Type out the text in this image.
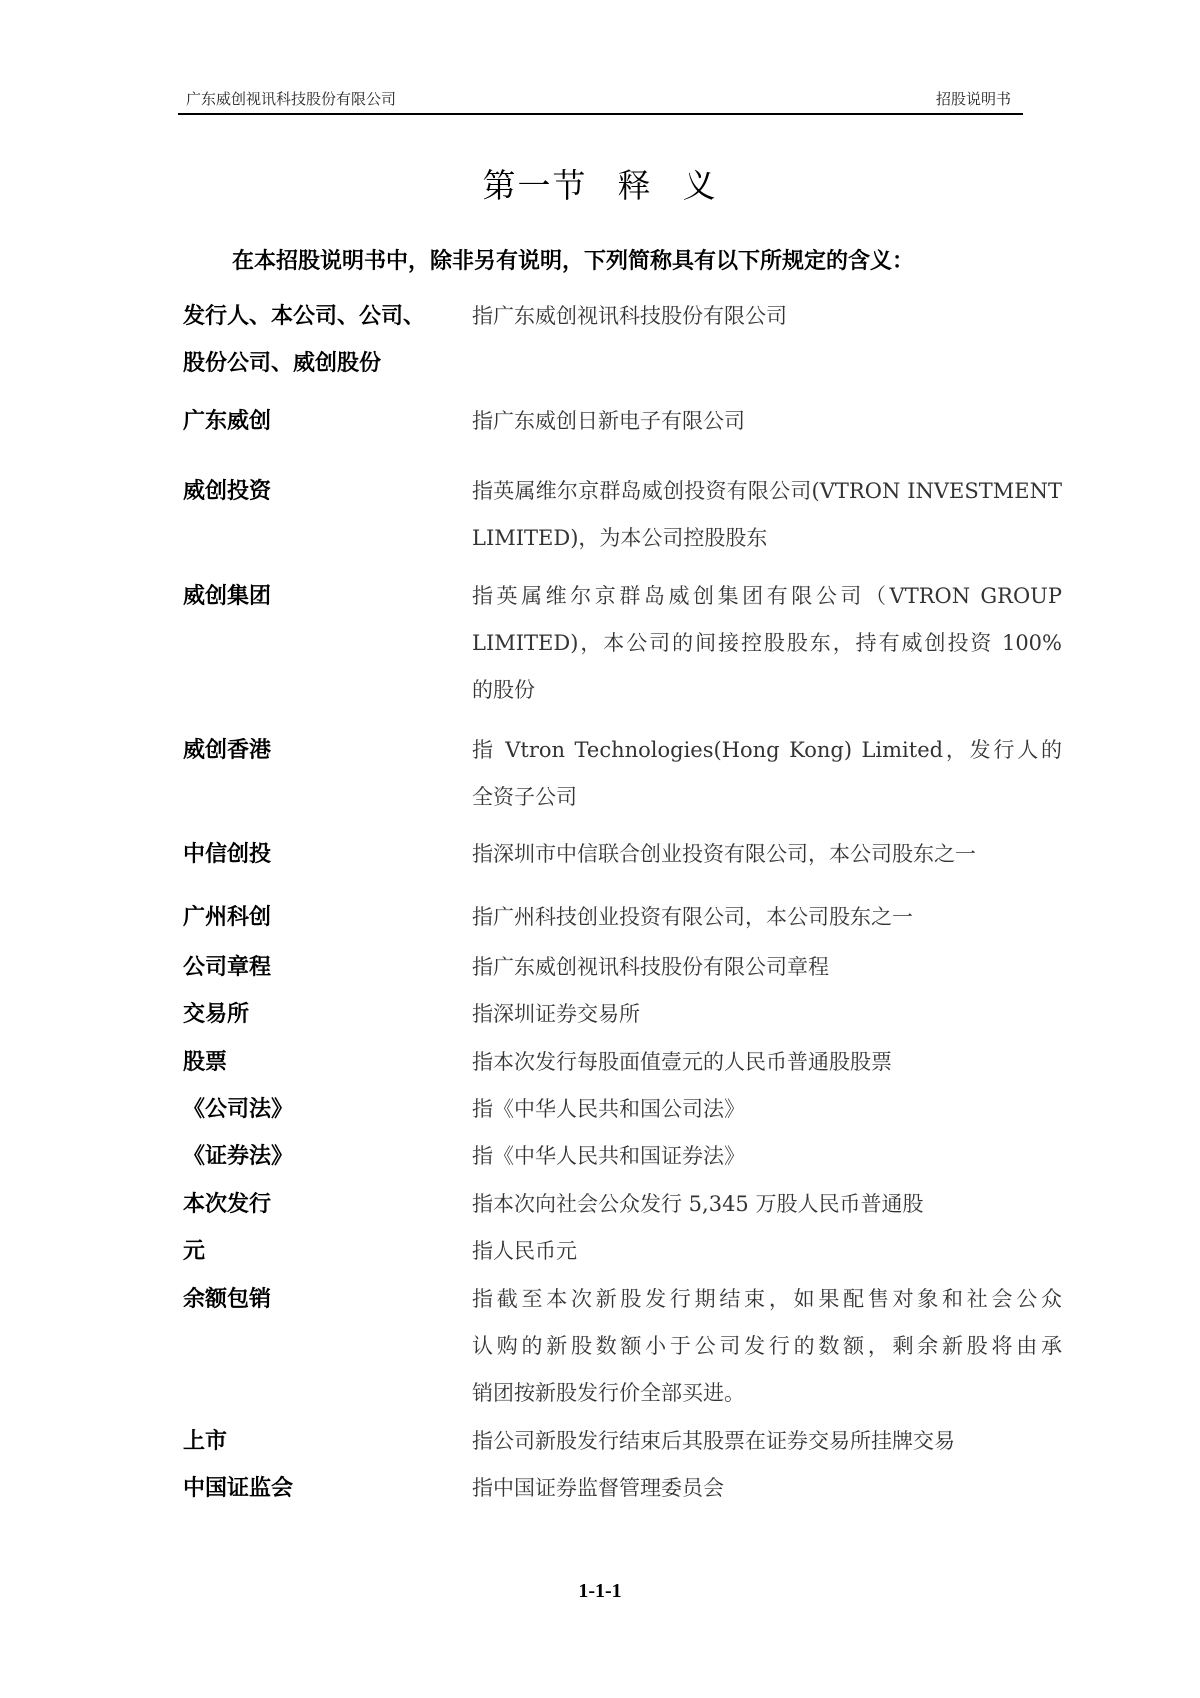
广东威创视讯科技股份有限公司	招股说明书
第一节 释 义
在本招股说明书中，除非另有说明，下列简称具有以下所规定的含义：
发行人、本公司、公司、
股份公司、威创股份
指广东威创视讯科技股份有限公司
广东威创	指广东威创日新电子有限公司
威创投资	指英属维尔京群岛威创投资有限公司(VTRON INVESTMENT
LIMITED)，为本公司控股股东
威创集团	指英属维尔京群岛威创集团有限公司（VTRON GROUP
LIMITED)，本公司的间接控股股东，持有威创投资 100%
的股份
威创香港	指 Vtron Technologies(Hong Kong) Limited，发行人的
全资子公司
中信创投	指深圳市中信联合创业投资有限公司，本公司股东之一
广州科创	指广州科技创业投资有限公司，本公司股东之一
公司章程	指广东威创视讯科技股份有限公司章程
交易所	指深圳证券交易所
股票	指本次发行每股面值壹元的人民币普通股股票
《公司法》	指《中华人民共和国公司法》
《证券法》	指《中华人民共和国证券法》
本次发行	指本次向社会公众发行 5,345 万股人民币普通股
元	指人民币元
余额包销	指截至本次新股发行期结束，如果配售对象和社会公众
认购的新股数额小于公司发行的数额，剩余新股将由承
销团按新股发行价全部买进。
上市	指公司新股发行结束后其股票在证券交易所挂牌交易
中国证监会	指中国证券监督管理委员会
1-1-1
